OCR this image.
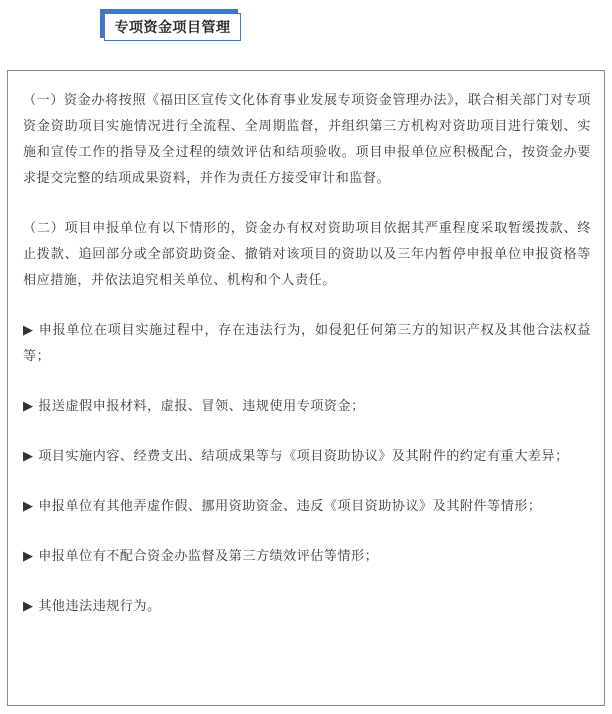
专项资金项目管理

（一）资金办将按照《福田区宣传文化体育事业发展专项资金管理办法》，联合相关部门对专项资金资助项目实施情况进行全流程、全周期监督，并组织第三方机构对资助项目进行策划、实施和宣传工作的指导及全过程的绩效评估和结项验收。项目申报单位应积极配合，按资金办要求提交完整的结项成果资料，并作为责任方接受审计和监督。

（二）项目申报单位有以下情形的，资金办有权对资助项目依据其严重程度采取暂缓拨款、终止拨款、追回部分或全部资助资金、撤销对该项目的资助以及三年内暂停申报单位申报资格等相应措施，并依法追究相关单位、机构和个人责任。

▶ 申报单位在项目实施过程中，存在违法行为，如侵犯任何第三方的知识产权及其他合法权益等；

▶ 报送虚假申报材料，虚报、冒领、违规使用专项资金；

▶ 项目实施内容、经费支出、结项成果等与《项目资助协议》及其附件的约定有重大差异；

▶ 申报单位有其他弄虚作假、挪用资助资金、违反《项目资助协议》及其附件等情形；

▶ 申报单位有不配合资金办监督及第三方绩效评估等情形；

▶ 其他违法违规行为。
